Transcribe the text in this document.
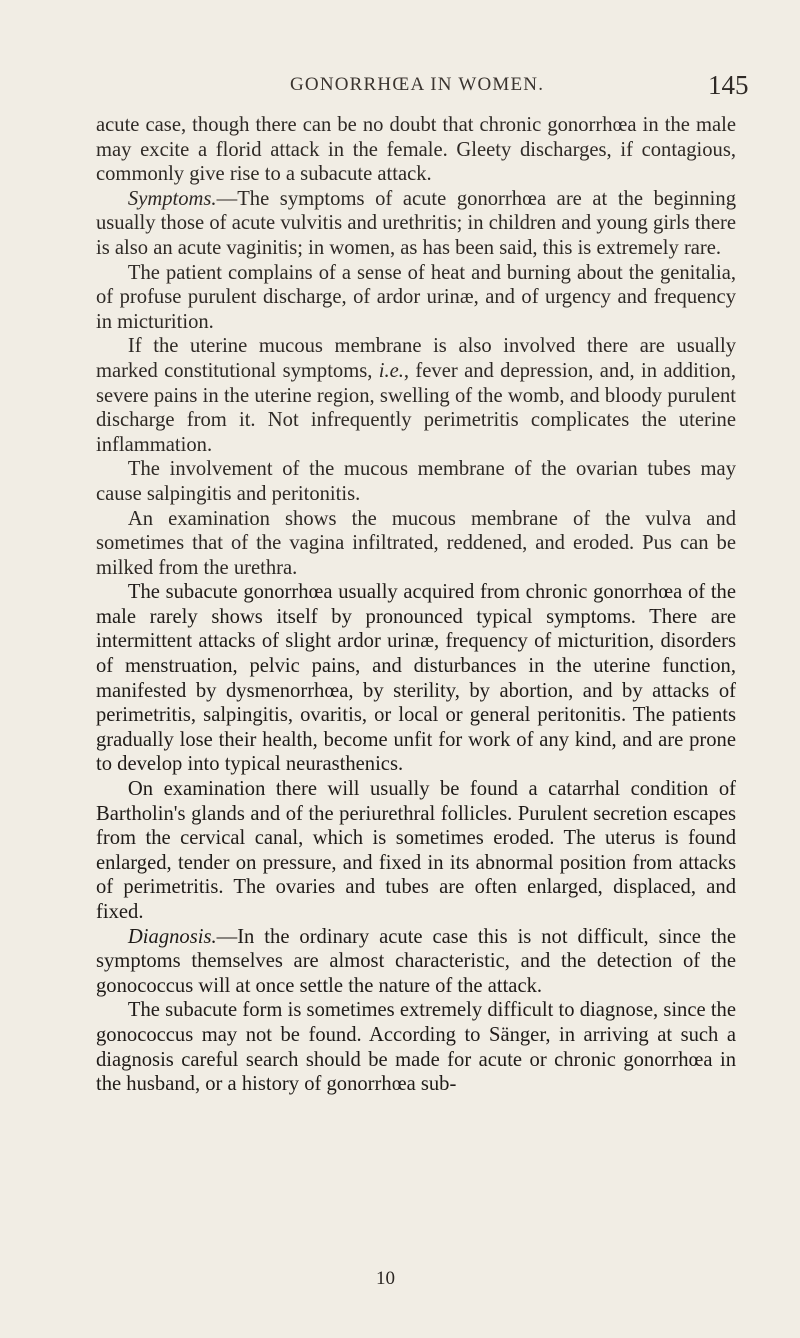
GONORRHŒA IN WOMEN.	145

acute case, though there can be no doubt that chronic gonorrhœa in the male may excite a florid attack in the female. Gleety discharges, if contagious, commonly give rise to a subacute attack.

Symptoms.—The symptoms of acute gonorrhœa are at the beginning usually those of acute vulvitis and urethritis; in children and young girls there is also an acute vaginitis; in women, as has been said, this is extremely rare.

The patient complains of a sense of heat and burning about the genitalia, of profuse purulent discharge, of ardor urinæ, and of urgency and frequency in micturition.

If the uterine mucous membrane is also involved there are usually marked constitutional symptoms, i.e., fever and depression, and, in addition, severe pains in the uterine region, swelling of the womb, and bloody purulent discharge from it. Not infrequently perimetritis complicates the uterine inflammation.

The involvement of the mucous membrane of the ovarian tubes may cause salpingitis and peritonitis.

An examination shows the mucous membrane of the vulva and sometimes that of the vagina infiltrated, reddened, and eroded. Pus can be milked from the urethra.

The subacute gonorrhœa usually acquired from chronic gonorrhœa of the male rarely shows itself by pronounced typical symptoms. There are intermittent attacks of slight ardor urinæ, frequency of micturition, disorders of menstruation, pelvic pains, and disturbances in the uterine function, manifested by dysmenorrhœa, by sterility, by abortion, and by attacks of perimetritis, salpingitis, ovaritis, or local or general peritonitis. The patients gradually lose their health, become unfit for work of any kind, and are prone to develop into typical neurasthenics.

On examination there will usually be found a catarrhal condition of Bartholin's glands and of the periurethral follicles. Purulent secretion escapes from the cervical canal, which is sometimes eroded. The uterus is found enlarged, tender on pressure, and fixed in its abnormal position from attacks of perimetritis. The ovaries and tubes are often enlarged, displaced, and fixed.

Diagnosis.—In the ordinary acute case this is not difficult, since the symptoms themselves are almost characteristic, and the detection of the gonococcus will at once settle the nature of the attack.

The subacute form is sometimes extremely difficult to diagnose, since the gonococcus may not be found. According to Sänger, in arriving at such a diagnosis careful search should be made for acute or chronic gonorrhœa in the husband, or a history of gonorrhœa sub-

10
